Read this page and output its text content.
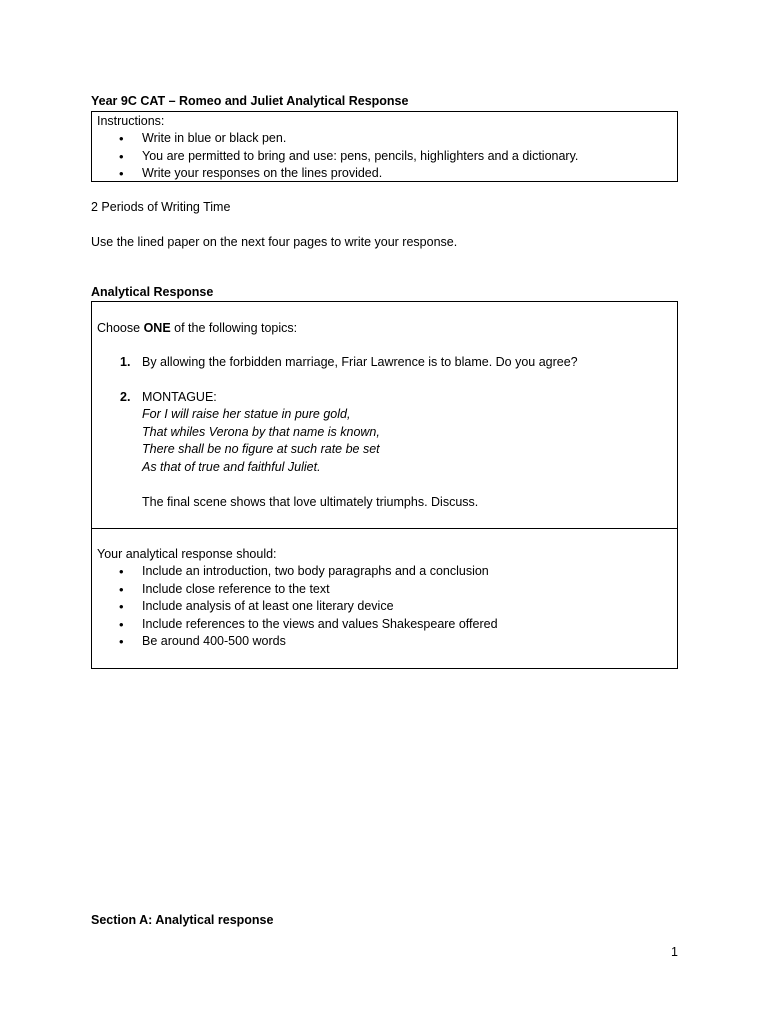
Year 9C CAT – Romeo and Juliet Analytical Response
Instructions:
• Write in blue or black pen.
• You are permitted to bring and use: pens, pencils, highlighters and a dictionary.
• Write your responses on the lines provided.
2 Periods of Writing Time
Use the lined paper on the next four pages to write your response.
Analytical Response
Choose ONE of the following topics:
1. By allowing the forbidden marriage, Friar Lawrence is to blame. Do you agree?
2. MONTAGUE:
For I will raise her statue in pure gold,
That whiles Verona by that name is known,
There shall be no figure at such rate be set
As that of true and faithful Juliet.
The final scene shows that love ultimately triumphs. Discuss.
Your analytical response should:
• Include an introduction, two body paragraphs and a conclusion
• Include close reference to the text
• Include analysis of at least one literary device
• Include references to the views and values Shakespeare offered
• Be around 400-500 words
Section A: Analytical response
1
